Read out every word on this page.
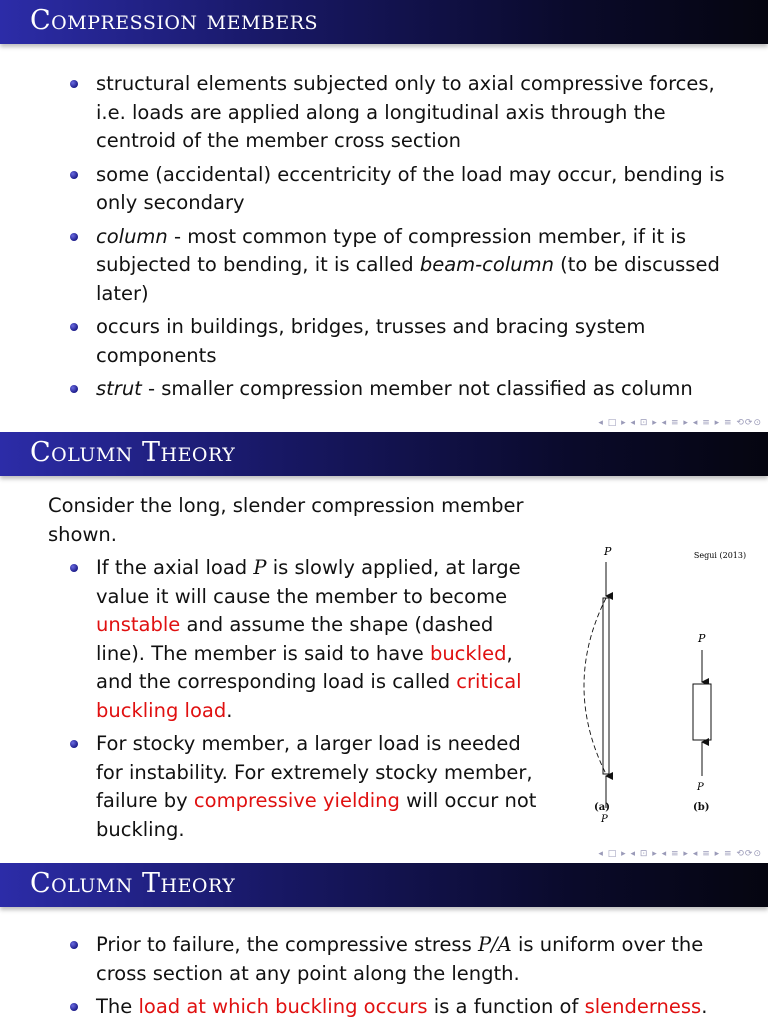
Compression members
structural elements subjected only to axial compressive forces, i.e. loads are applied along a longitudinal axis through the centroid of the member cross section
some (accidental) eccentricity of the load may occur, bending is only secondary
column - most common type of compression member, if it is subjected to bending, it is called beam-column (to be discussed later)
occurs in buildings, bridges, trusses and bracing system components
strut - smaller compression member not classified as column
◂ □ ▸ ◂ ⊡ ▸ ◂ ≡ ▸ ◂ ≡ ▸ ≡ ⟲⟳⊙
Column Theory
Consider the long, slender compression member shown.
If the axial load P is slowly applied, at large value it will cause the member to become unstable and assume the shape (dashed line). The member is said to have buckled, and the corresponding load is called critical buckling load.
For stocky member, a larger load is needed for instability. For extremely stocky member, failure by compressive yielding will occur not buckling.
Segui (2013)
P
P
P
P
(a)	(b)
◂ □ ▸ ◂ ⊡ ▸ ◂ ≡ ▸ ◂ ≡ ▸ ≡ ⟲⟳⊙
Column Theory
Prior to failure, the compressive stress P/A is uniform over the cross section at any point along the length.
The load at which buckling occurs is a function of slenderness.
